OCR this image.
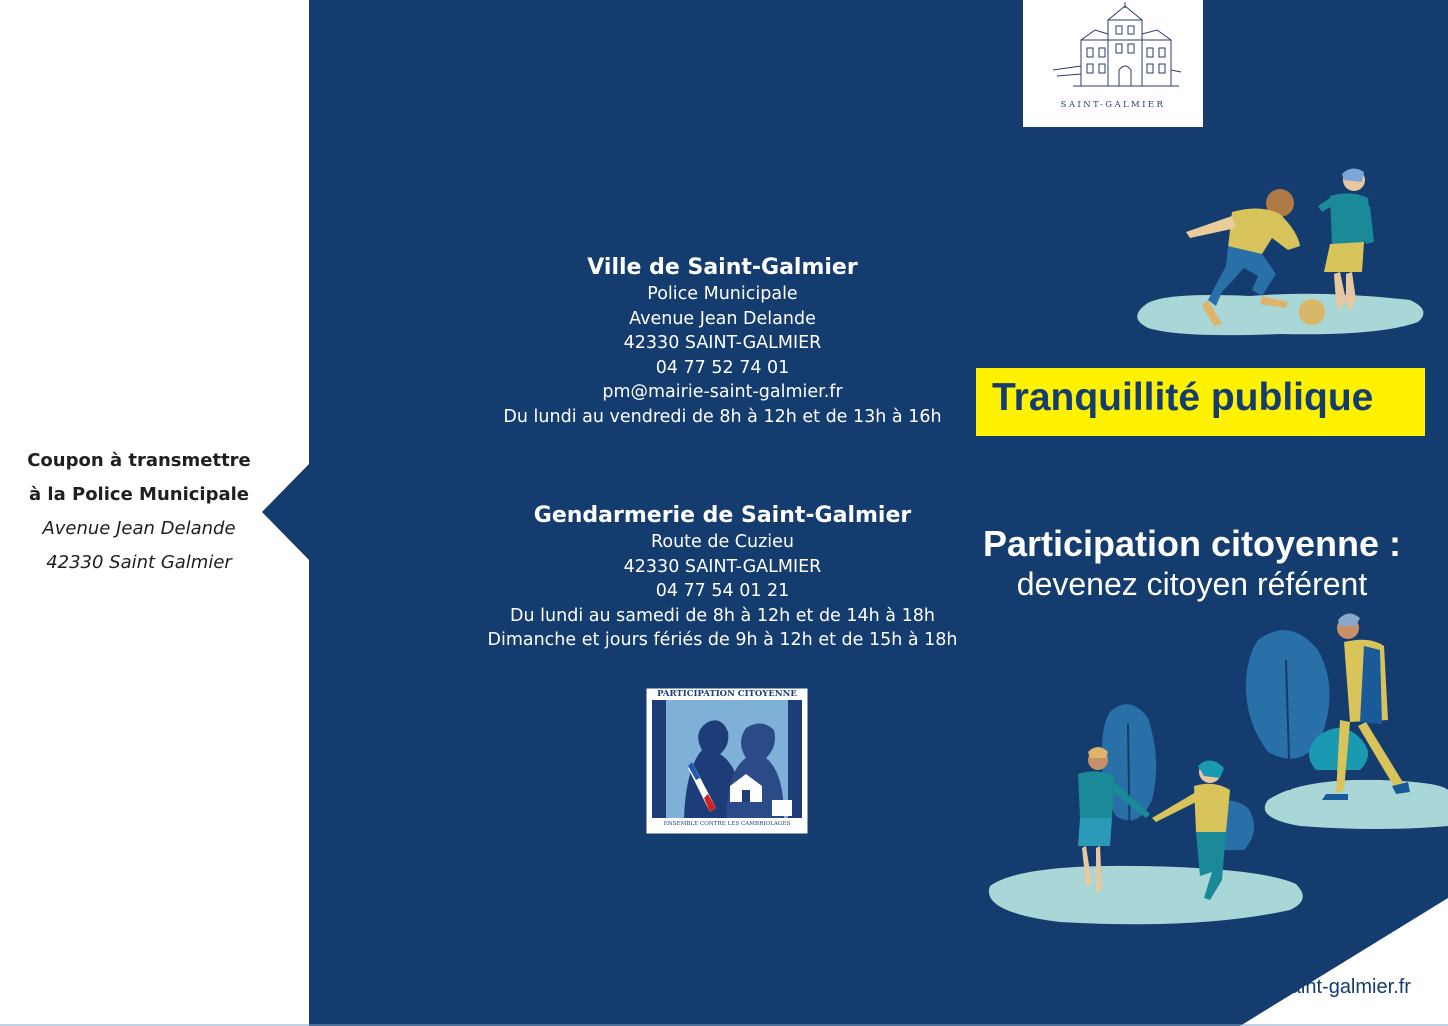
Coupon à transmettre
à la Police Municipale
Avenue Jean Delande
42330 Saint Galmier
Ville de Saint-Galmier
Police Municipale
Avenue Jean Delande
42330 SAINT-GALMIER
04 77 52 74 01
pm@mairie-saint-galmier.fr
Du lundi au vendredi de 8h à 12h et de 13h à 16h
Gendarmerie de Saint-Galmier
Route de Cuzieu
42330 SAINT-GALMIER
04 77 54 01 21
Du lundi au samedi de 8h à 12h et de 14h à 18h
Dimanche et jours fériés de 9h à 12h et de 15h à 18h
SAINT-GALMIER
PARTICIPATION CITOYENNE
ENSEMBLE CONTRE LES CAMBRIOLAGES
Tranquillité publique
Participation citoyenne :
devenez citoyen référent
www.saint-galmier.fr
